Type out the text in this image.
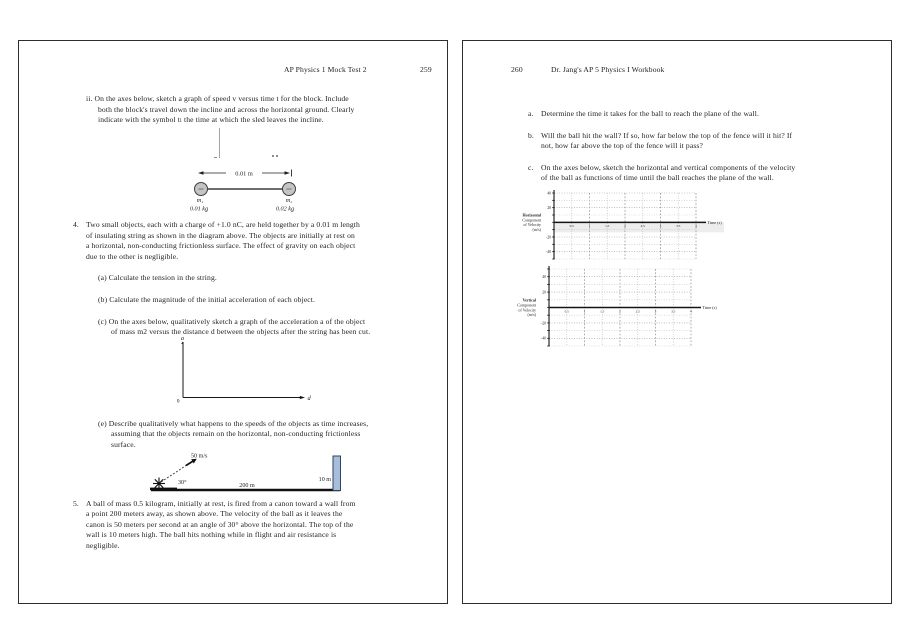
AP Physics 1 Mock Test 2	259
ii. On the axes below, sketch a graph of speed v versus time t for the block. Include
both the block's travel down the incline and across the horizontal ground. Clearly
indicate with the symbol tₗ the time at which the sled leaves the incline.
0.01 m
m₁
0.01 kg
m₂
0.02 kg
4. Two small objects, each with a charge of +1.0 nC, are held together by a 0.01 m length
of insulating string as shown in the diagram above. The objects are initially at rest on
a horizontal, non-conducting frictionless surface. The effect of gravity on each object
due to the other is negligible.
(a) Calculate the tension in the string.
(b) Calculate the magnitude of the initial acceleration of each object.
(c) On the axes below, qualitatively sketch a graph of the acceleration a of the object
of mass m2 versus the distance d between the objects after the string has been cut.
a
0	d
(e) Describe qualitatively what happens to the speeds of the objects as time increases,
assuming that the objects remain on the horizontal, non-conducting frictionless
surface.
50 m/s
30°	200 m
10 m
5. A ball of mass 0.5 kilogram, initially at rest, is fired from a canon toward a wall from
a point 200 meters away, as shown above. The velocity of the ball as it leaves the
canon is 50 meters per second at an angle of 30° above the horizontal. The top of the
wall is 10 meters high. The ball hits nothing while in flight and air resistance is
negligible.
260	Dr. Jang's AP 5 Physics I Workbook
a. Determine the time it takes for the ball to reach the plane of the wall.
b. Will the ball hit the wall? If so, how far below the top of the fence will it hit? If
not, how far above the top of the fence will it pass?
c. On the axes below, sketch the horizontal and vertical components of the velocity
of the ball as functions of time until the ball reaches the plane of the wall.
20
40
-20
-40
0.5	1	1.5	2	2.5	3	3.5	4
Time (s)
Horizontal
Component
of Velocity
(m/s)
20
40
-20
-40
0.5	1	1.5	2	2.5	3	3.5	4
Time (s)
Vertical
Component
of Velocity
(m/s)
